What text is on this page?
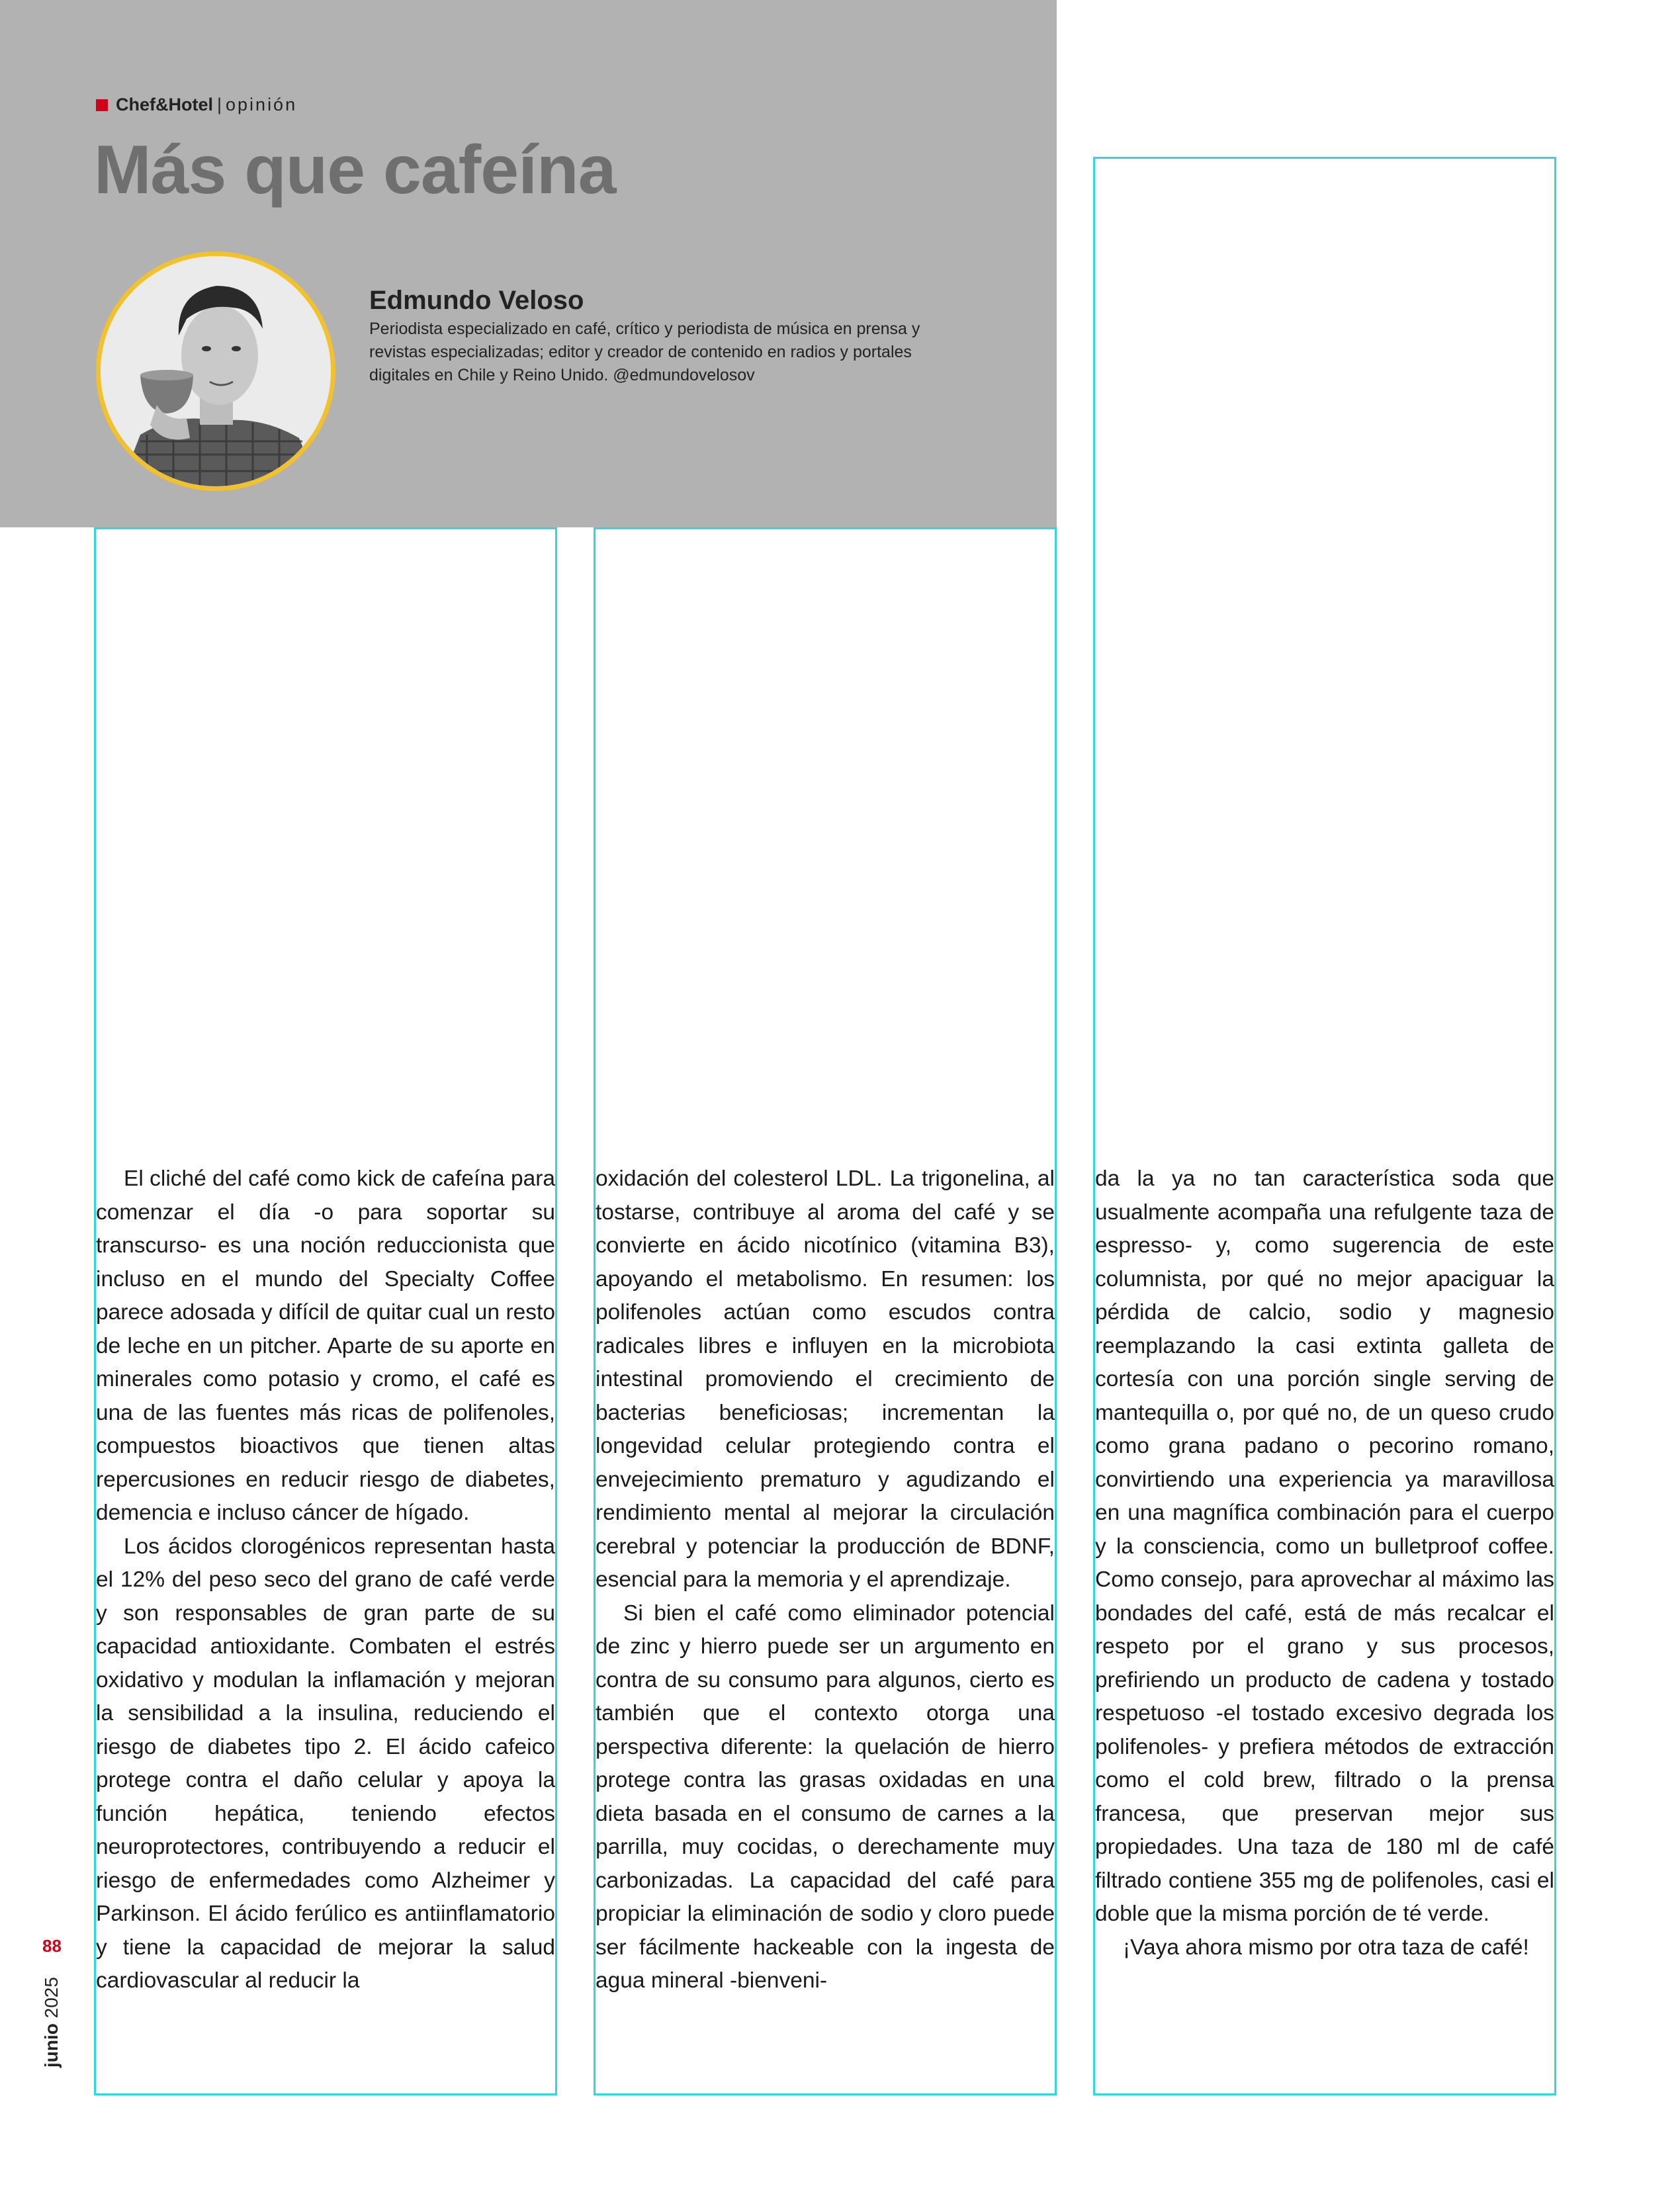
Chef&Hotel | opinión
Más que cafeína
Edmundo Veloso
Periodista especializado en café, crítico y periodista de música en prensa y revistas especializadas; editor y creador de contenido en radios y portales digitales en Chile y Reino Unido. @edmundovelosov

El cliché del café como kick de cafeína para comenzar el día -o para soportar su transcurso- es una noción reduccionista que incluso en el mundo del Specialty Coffee parece adosada y difícil de quitar cual un resto de leche en un pitcher. Aparte de su aporte en minerales como potasio y cromo, el café es una de las fuentes más ricas de polifenoles, compuestos bioactivos que tienen altas repercusiones en reducir riesgo de diabetes, demencia e incluso cáncer de hígado.

Los ácidos clorogénicos representan hasta el 12% del peso seco del grano de café verde y son responsables de gran parte de su capacidad antioxidante. Combaten el estrés oxidativo y modulan la inflamación y mejoran la sensibilidad a la insulina, reduciendo el riesgo de diabetes tipo 2. El ácido cafeico protege contra el daño celular y apoya la función hepática, teniendo efectos neuroprotectores, contribuyendo a reducir el riesgo de enfermedades como Alzheimer y Parkinson. El ácido ferúlico es antiinflamatorio y tiene la capacidad de mejorar la salud cardiovascular al reducir la

oxidación del colesterol LDL. La trigonelina, al tostarse, contribuye al aroma del café y se convierte en ácido nicotínico (vitamina B3), apoyando el metabolismo. En resumen: los polifenoles actúan como escudos contra radicales libres e influyen en la microbiota intestinal promoviendo el crecimiento de bacterias beneficiosas; incrementan la longevidad celular protegiendo contra el envejecimiento prematuro y agudizando el rendimiento mental al mejorar la circulación cerebral y potenciar la producción de BDNF, esencial para la memoria y el aprendizaje.

Si bien el café como eliminador potencial de zinc y hierro puede ser un argumento en contra de su consumo para algunos, cierto es también que el contexto otorga una perspectiva diferente: la quelación de hierro protege contra las grasas oxidadas en una dieta basada en el consumo de carnes a la parrilla, muy cocidas, o derechamente muy carbonizadas. La capacidad del café para propiciar la eliminación de sodio y cloro puede ser fácilmente hackeable con la ingesta de agua mineral -bienveni-

da la ya no tan característica soda que usualmente acompaña una refulgente taza de espresso- y, como sugerencia de este columnista, por qué no mejor apaciguar la pérdida de calcio, sodio y magnesio reemplazando la casi extinta galleta de cortesía con una porción single serving de mantequilla o, por qué no, de un queso crudo como grana padano o pecorino romano, convirtiendo una experiencia ya maravillosa en una magnífica combinación para el cuerpo y la consciencia, como un bulletproof coffee. Como consejo, para aprovechar al máximo las bondades del café, está de más recalcar el respeto por el grano y sus procesos, prefiriendo un producto de cadena y tostado respetuoso -el tostado excesivo degrada los polifenoles- y prefiera métodos de extracción como el cold brew, filtrado o la prensa francesa, que preservan mejor sus propiedades. Una taza de 180 ml de café filtrado contiene 355 mg de polifenoles, casi el doble que la misma porción de té verde.

¡Vaya ahora mismo por otra taza de café!

88
junio 2025
